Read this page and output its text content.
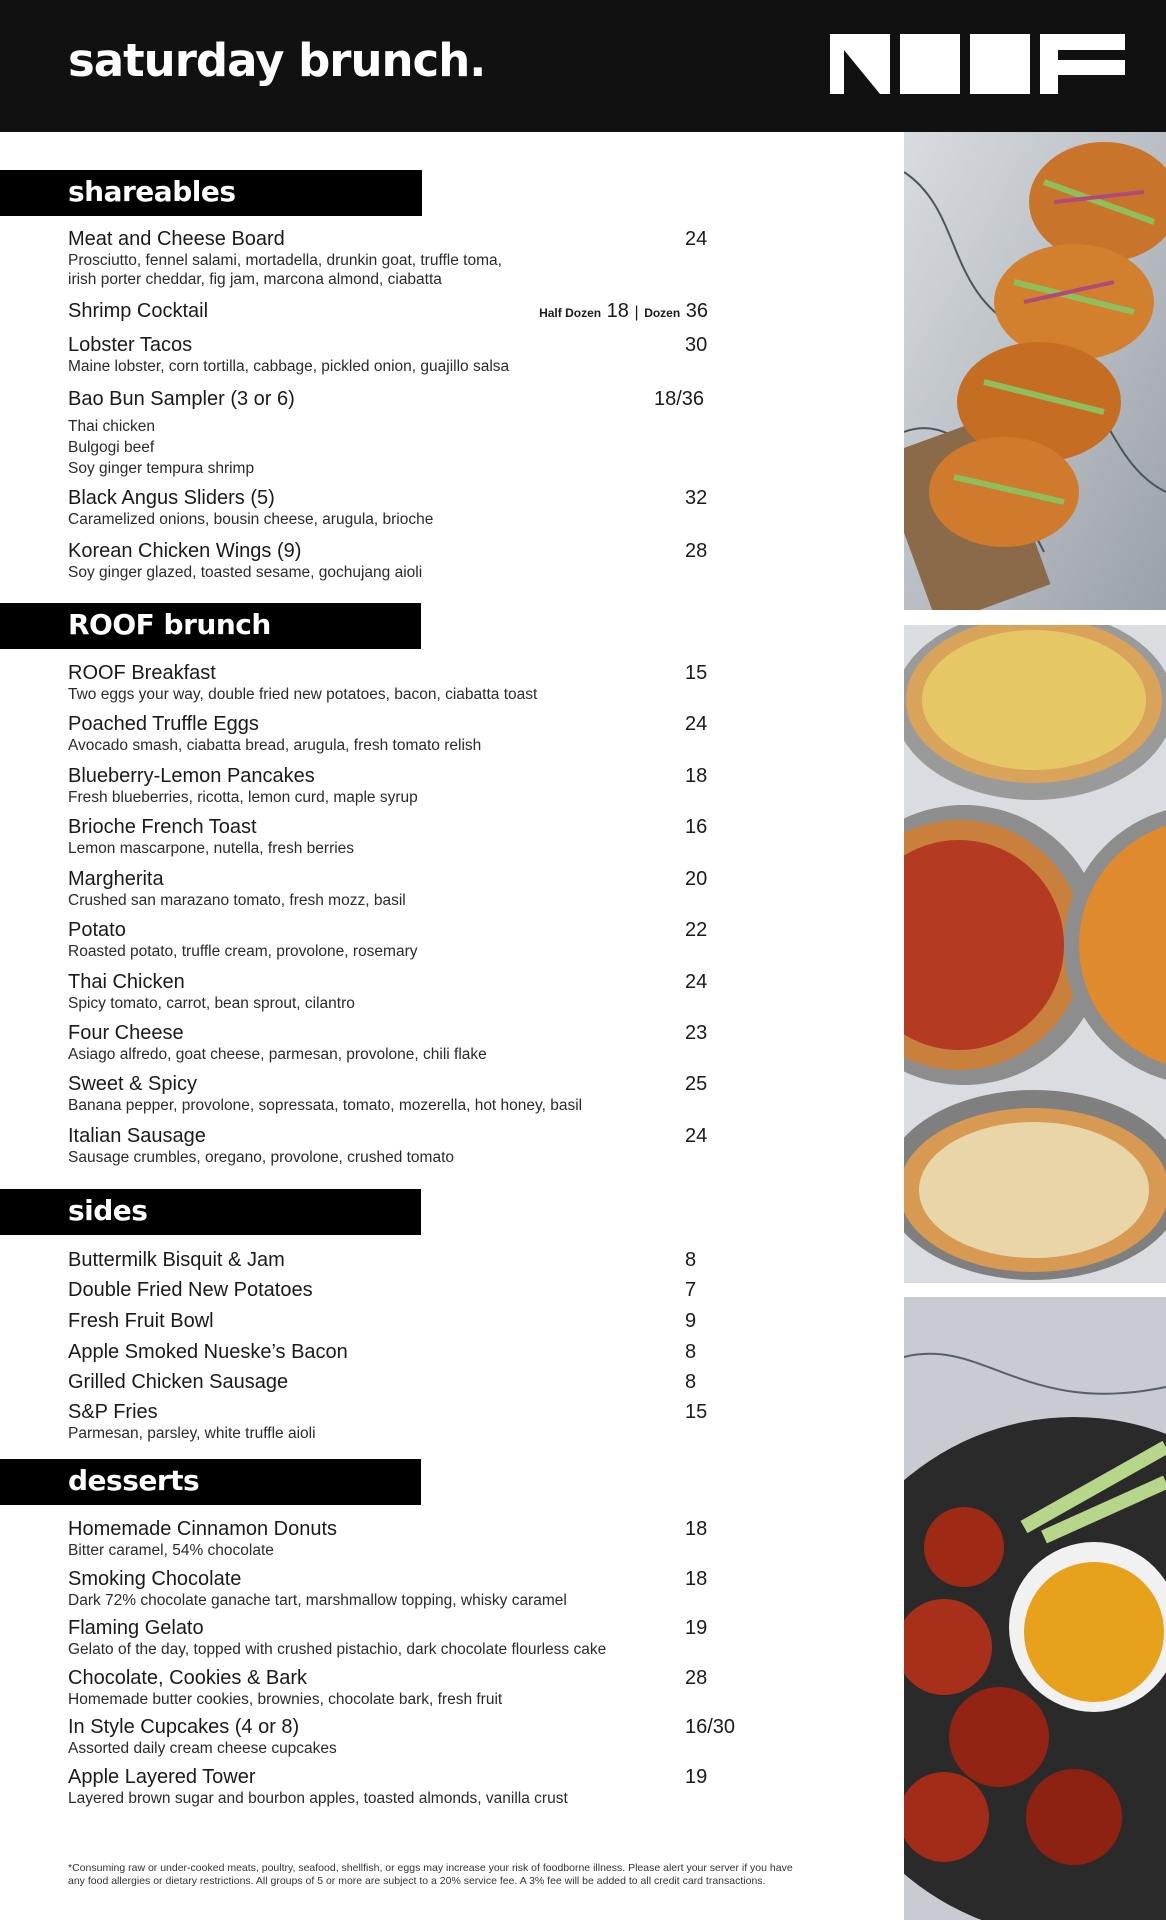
saturday brunch.
shareables
Meat and Cheese Board	24
Prosciutto, fennel salami, mortadella, drunkin goat, truffle toma,
irish porter cheddar, fig jam, marcona almond, ciabatta
Shrimp Cocktail	Half Dozen 18 | Dozen 36
Lobster Tacos	30
Maine lobster, corn tortilla, cabbage, pickled onion, guajillo salsa
Bao Bun Sampler (3 or 6)	18/36
Thai chicken
Bulgogi beef
Soy ginger tempura shrimp
Black Angus Sliders (5)	32
Caramelized onions, bousin cheese, arugula, brioche
Korean Chicken Wings (9)	28
Soy ginger glazed, toasted sesame, gochujang aioli
ROOF brunch
ROOF Breakfast	15
Two eggs your way, double fried new potatoes, bacon, ciabatta toast
Poached Truffle Eggs	24
Avocado smash, ciabatta bread, arugula, fresh tomato relish
Blueberry-Lemon Pancakes	18
Fresh blueberries, ricotta, lemon curd, maple syrup
Brioche French Toast	16
Lemon mascarpone, nutella, fresh berries
Margherita	20
Crushed san marazano tomato, fresh mozz, basil
Potato	22
Roasted potato, truffle cream, provolone, rosemary
Thai Chicken	24
Spicy tomato, carrot, bean sprout, cilantro
Four Cheese	23
Asiago alfredo, goat cheese, parmesan, provolone, chili flake
Sweet & Spicy	25
Banana pepper, provolone, sopressata, tomato, mozerella, hot honey, basil
Italian Sausage	24
Sausage crumbles, oregano, provolone, crushed tomato
sides
Buttermilk Bisquit & Jam	8
Double Fried New Potatoes	7
Fresh Fruit Bowl	9
Apple Smoked Nueske’s Bacon	8
Grilled Chicken Sausage	8
S&P Fries	15
Parmesan, parsley, white truffle aioli
desserts
Homemade Cinnamon Donuts	18
Bitter caramel, 54% chocolate
Smoking Chocolate	18
Dark 72% chocolate ganache tart, marshmallow topping, whisky caramel
Flaming Gelato	19
Gelato of the day, topped with crushed pistachio, dark chocolate flourless cake
Chocolate, Cookies & Bark	28
Homemade butter cookies, brownies, chocolate bark, fresh fruit
In Style Cupcakes (4 or 8)	16/30
Assorted daily cream cheese cupcakes
Apple Layered Tower	19
Layered brown sugar and bourbon apples, toasted almonds, vanilla crust
*Consuming raw or under-cooked meats, poultry, seafood, shellfish, or eggs may increase your risk of foodborne illness. Please alert your server if you have
any food allergies or dietary restrictions. All groups of 5 or more are subject to a 20% service fee. A 3% fee will be added to all credit card transactions.
